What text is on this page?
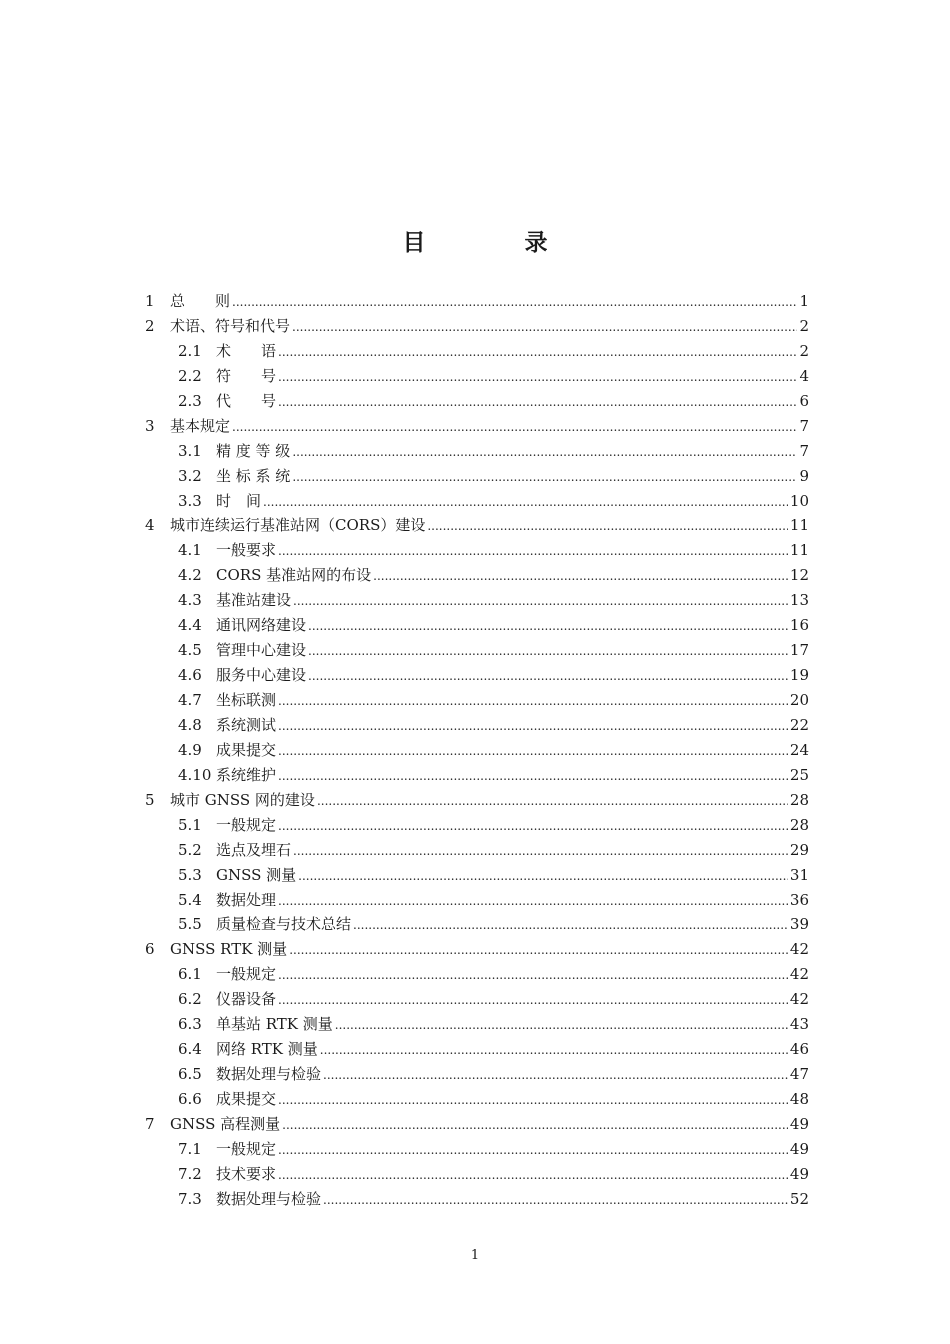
目　录
1	总　　则 .....	1
2	术语、符号和代号 .....	2
2.1 术　　语 .....	2
2.2 符　　号 .....	4
2.3 代　　号 .....	6
3	基本规定 .....	7
3.1 精 度 等 级 .....	7
3.2 坐 标 系 统 .....	9
3.3 时　间 .....	10
4	城市连续运行基准站网（CORS）建设 .....	11
4.1 一般要求 .....	11
4.2 CORS 基准站网的布设 .....	12
4.3 基准站建设 .....	13
4.4 通讯网络建设 .....	16
4.5 管理中心建设 .....	17
4.6 服务中心建设 .....	19
4.7 坐标联测 .....	20
4.8 系统测试 .....	22
4.9 成果提交 .....	24
4.10 系统维护 .....	25
5	城市 GNSS 网的建设 .....	28
5.1 一般规定 .....	28
5.2 选点及埋石 .....	29
5.3 GNSS 测量 .....	31
5.4 数据处理 .....	36
5.5 质量检查与技术总结 .....	39
6	GNSS RTK 测量 .....	42
6.1 一般规定 .....	42
6.2 仪器设备 .....	42
6.3 单基站 RTK 测量 .....	43
6.4 网络 RTK 测量 .....	46
6.5 数据处理与检验 .....	47
6.6 成果提交 .....	48
7	GNSS 高程测量 .....	49
7.1 一般规定 .....	49
7.2 技术要求 .....	49
7.3 数据处理与检验 .....	52
1
